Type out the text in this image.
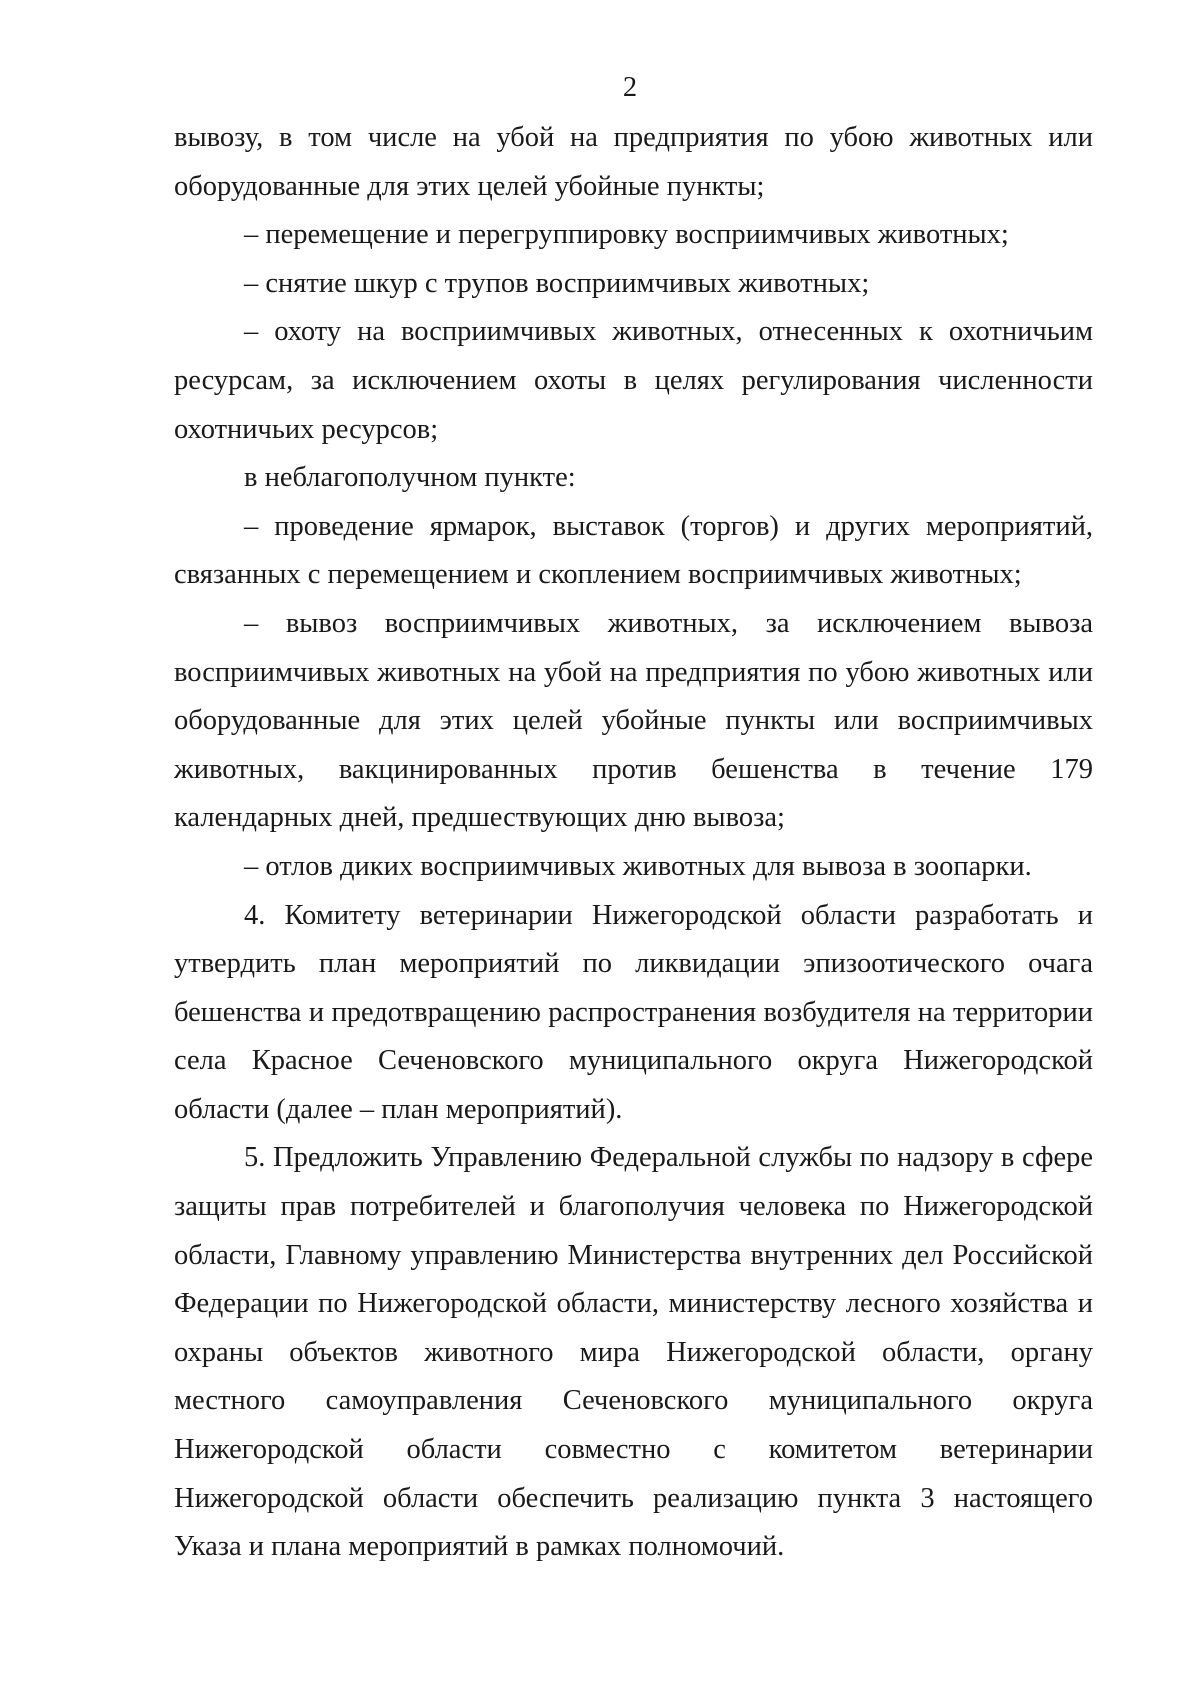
2

вывозу, в том числе на убой на предприятия по убою животных или оборудованные для этих целей убойные пункты;

– перемещение и перегруппировку восприимчивых животных;

– снятие шкур с трупов восприимчивых животных;

– охоту на восприимчивых животных, отнесенных к охотничьим ресурсам, за исключением охоты в целях регулирования численности охотничьих ресурсов;

в неблагополучном пункте:

– проведение ярмарок, выставок (торгов) и других мероприятий, связанных с перемещением и скоплением восприимчивых животных;

– вывоз восприимчивых животных, за исключением вывоза восприимчивых животных на убой на предприятия по убою животных или оборудованные для этих целей убойные пункты или восприимчивых животных, вакцинированных против бешенства в течение 179 календарных дней, предшествующих дню вывоза;

– отлов диких восприимчивых животных для вывоза в зоопарки.

4. Комитету ветеринарии Нижегородской области разработать и утвердить план мероприятий по ликвидации эпизоотического очага бешенства и предотвращению распространения возбудителя на территории села Красное Сеченовского муниципального округа Нижегородской области (далее – план мероприятий).

5. Предложить Управлению Федеральной службы по надзору в сфере защиты прав потребителей и благополучия человека по Нижегородской области, Главному управлению Министерства внутренних дел Российской Федерации по Нижегородской области, министерству лесного хозяйства и охраны объектов животного мира Нижегородской области, органу местного самоуправления Сеченовского муниципального округа Нижегородской области совместно с комитетом ветеринарии Нижегородской области обеспечить реализацию пункта 3 настоящего Указа и плана мероприятий в рамках полномочий.
